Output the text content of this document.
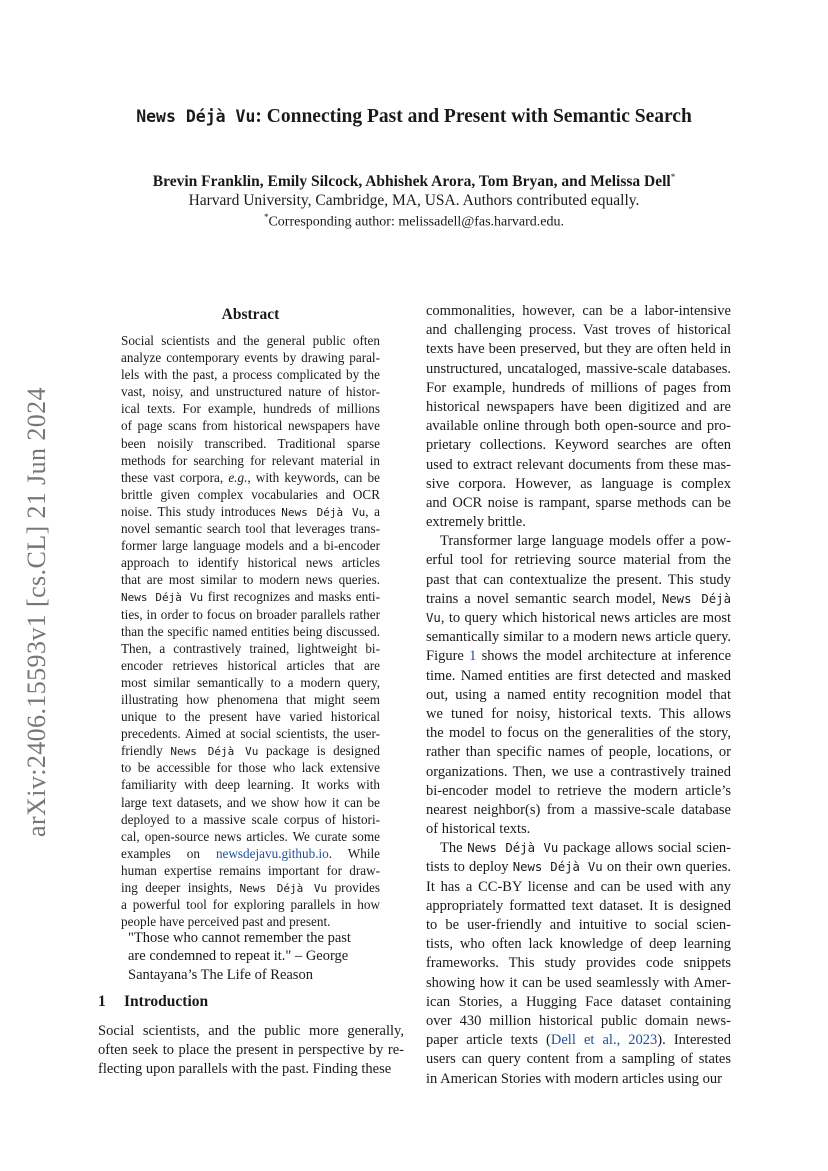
arXiv:2406.15593v1 [cs.CL] 21 Jun 2024
News Déjà Vu: Connecting Past and Present with Semantic Search
Brevin Franklin, Emily Silcock, Abhishek Arora, Tom Bryan, and Melissa Dell*
Harvard University, Cambridge, MA, USA. Authors contributed equally.
*Corresponding author: melissadell@fas.harvard.edu.
Abstract
Social scientists and the general public often
analyze contemporary events by drawing paral-
lels with the past, a process complicated by the
vast, noisy, and unstructured nature of histor-
ical texts. For example, hundreds of millions
of page scans from historical newspapers have
been noisily transcribed. Traditional sparse
methods for searching for relevant material in
these vast corpora, e.g., with keywords, can be
brittle given complex vocabularies and OCR
noise. This study introduces News Déjà Vu, a
novel semantic search tool that leverages trans-
former large language models and a bi-encoder
approach to identify historical news articles
that are most similar to modern news queries.
News Déjà Vu first recognizes and masks enti-
ties, in order to focus on broader parallels rather
than the specific named entities being discussed.
Then, a contrastively trained, lightweight bi-
encoder retrieves historical articles that are
most similar semantically to a modern query,
illustrating how phenomena that might seem
unique to the present have varied historical
precedents. Aimed at social scientists, the user-
friendly News Déjà Vu package is designed
to be accessible for those who lack extensive
familiarity with deep learning. It works with
large text datasets, and we show how it can be
deployed to a massive scale corpus of histori-
cal, open-source news articles. We curate some
examples on newsdejavu.github.io. While
human expertise remains important for draw-
ing deeper insights, News Déjà Vu provides
a powerful tool for exploring parallels in how
people have perceived past and present.
"Those who cannot remember the past
are condemned to repeat it." – George
Santayana’s The Life of Reason
1 Introduction
Social scientists, and the public more generally,
often seek to place the present in perspective by re-
flecting upon parallels with the past. Finding these
commonalities, however, can be a labor-intensive
and challenging process. Vast troves of historical
texts have been preserved, but they are often held in
unstructured, uncataloged, massive-scale databases.
For example, hundreds of millions of pages from
historical newspapers have been digitized and are
available online through both open-source and pro-
prietary collections. Keyword searches are often
used to extract relevant documents from these mas-
sive corpora. However, as language is complex
and OCR noise is rampant, sparse methods can be
extremely brittle.
Transformer large language models offer a pow-
erful tool for retrieving source material from the
past that can contextualize the present. This study
trains a novel semantic search model, News Déjà
Vu, to query which historical news articles are most
semantically similar to a modern news article query.
Figure 1 shows the model architecture at inference
time. Named entities are first detected and masked
out, using a named entity recognition model that
we tuned for noisy, historical texts. This allows
the model to focus on the generalities of the story,
rather than specific names of people, locations, or
organizations. Then, we use a contrastively trained
bi-encoder model to retrieve the modern article’s
nearest neighbor(s) from a massive-scale database
of historical texts.
The News Déjà Vu package allows social scien-
tists to deploy News Déjà Vu on their own queries.
It has a CC-BY license and can be used with any
appropriately formatted text dataset. It is designed
to be user-friendly and intuitive to social scien-
tists, who often lack knowledge of deep learning
frameworks. This study provides code snippets
showing how it can be used seamlessly with Amer-
ican Stories, a Hugging Face dataset containing
over 430 million historical public domain news-
paper article texts (Dell et al., 2023). Interested
users can query content from a sampling of states
in American Stories with modern articles using our
